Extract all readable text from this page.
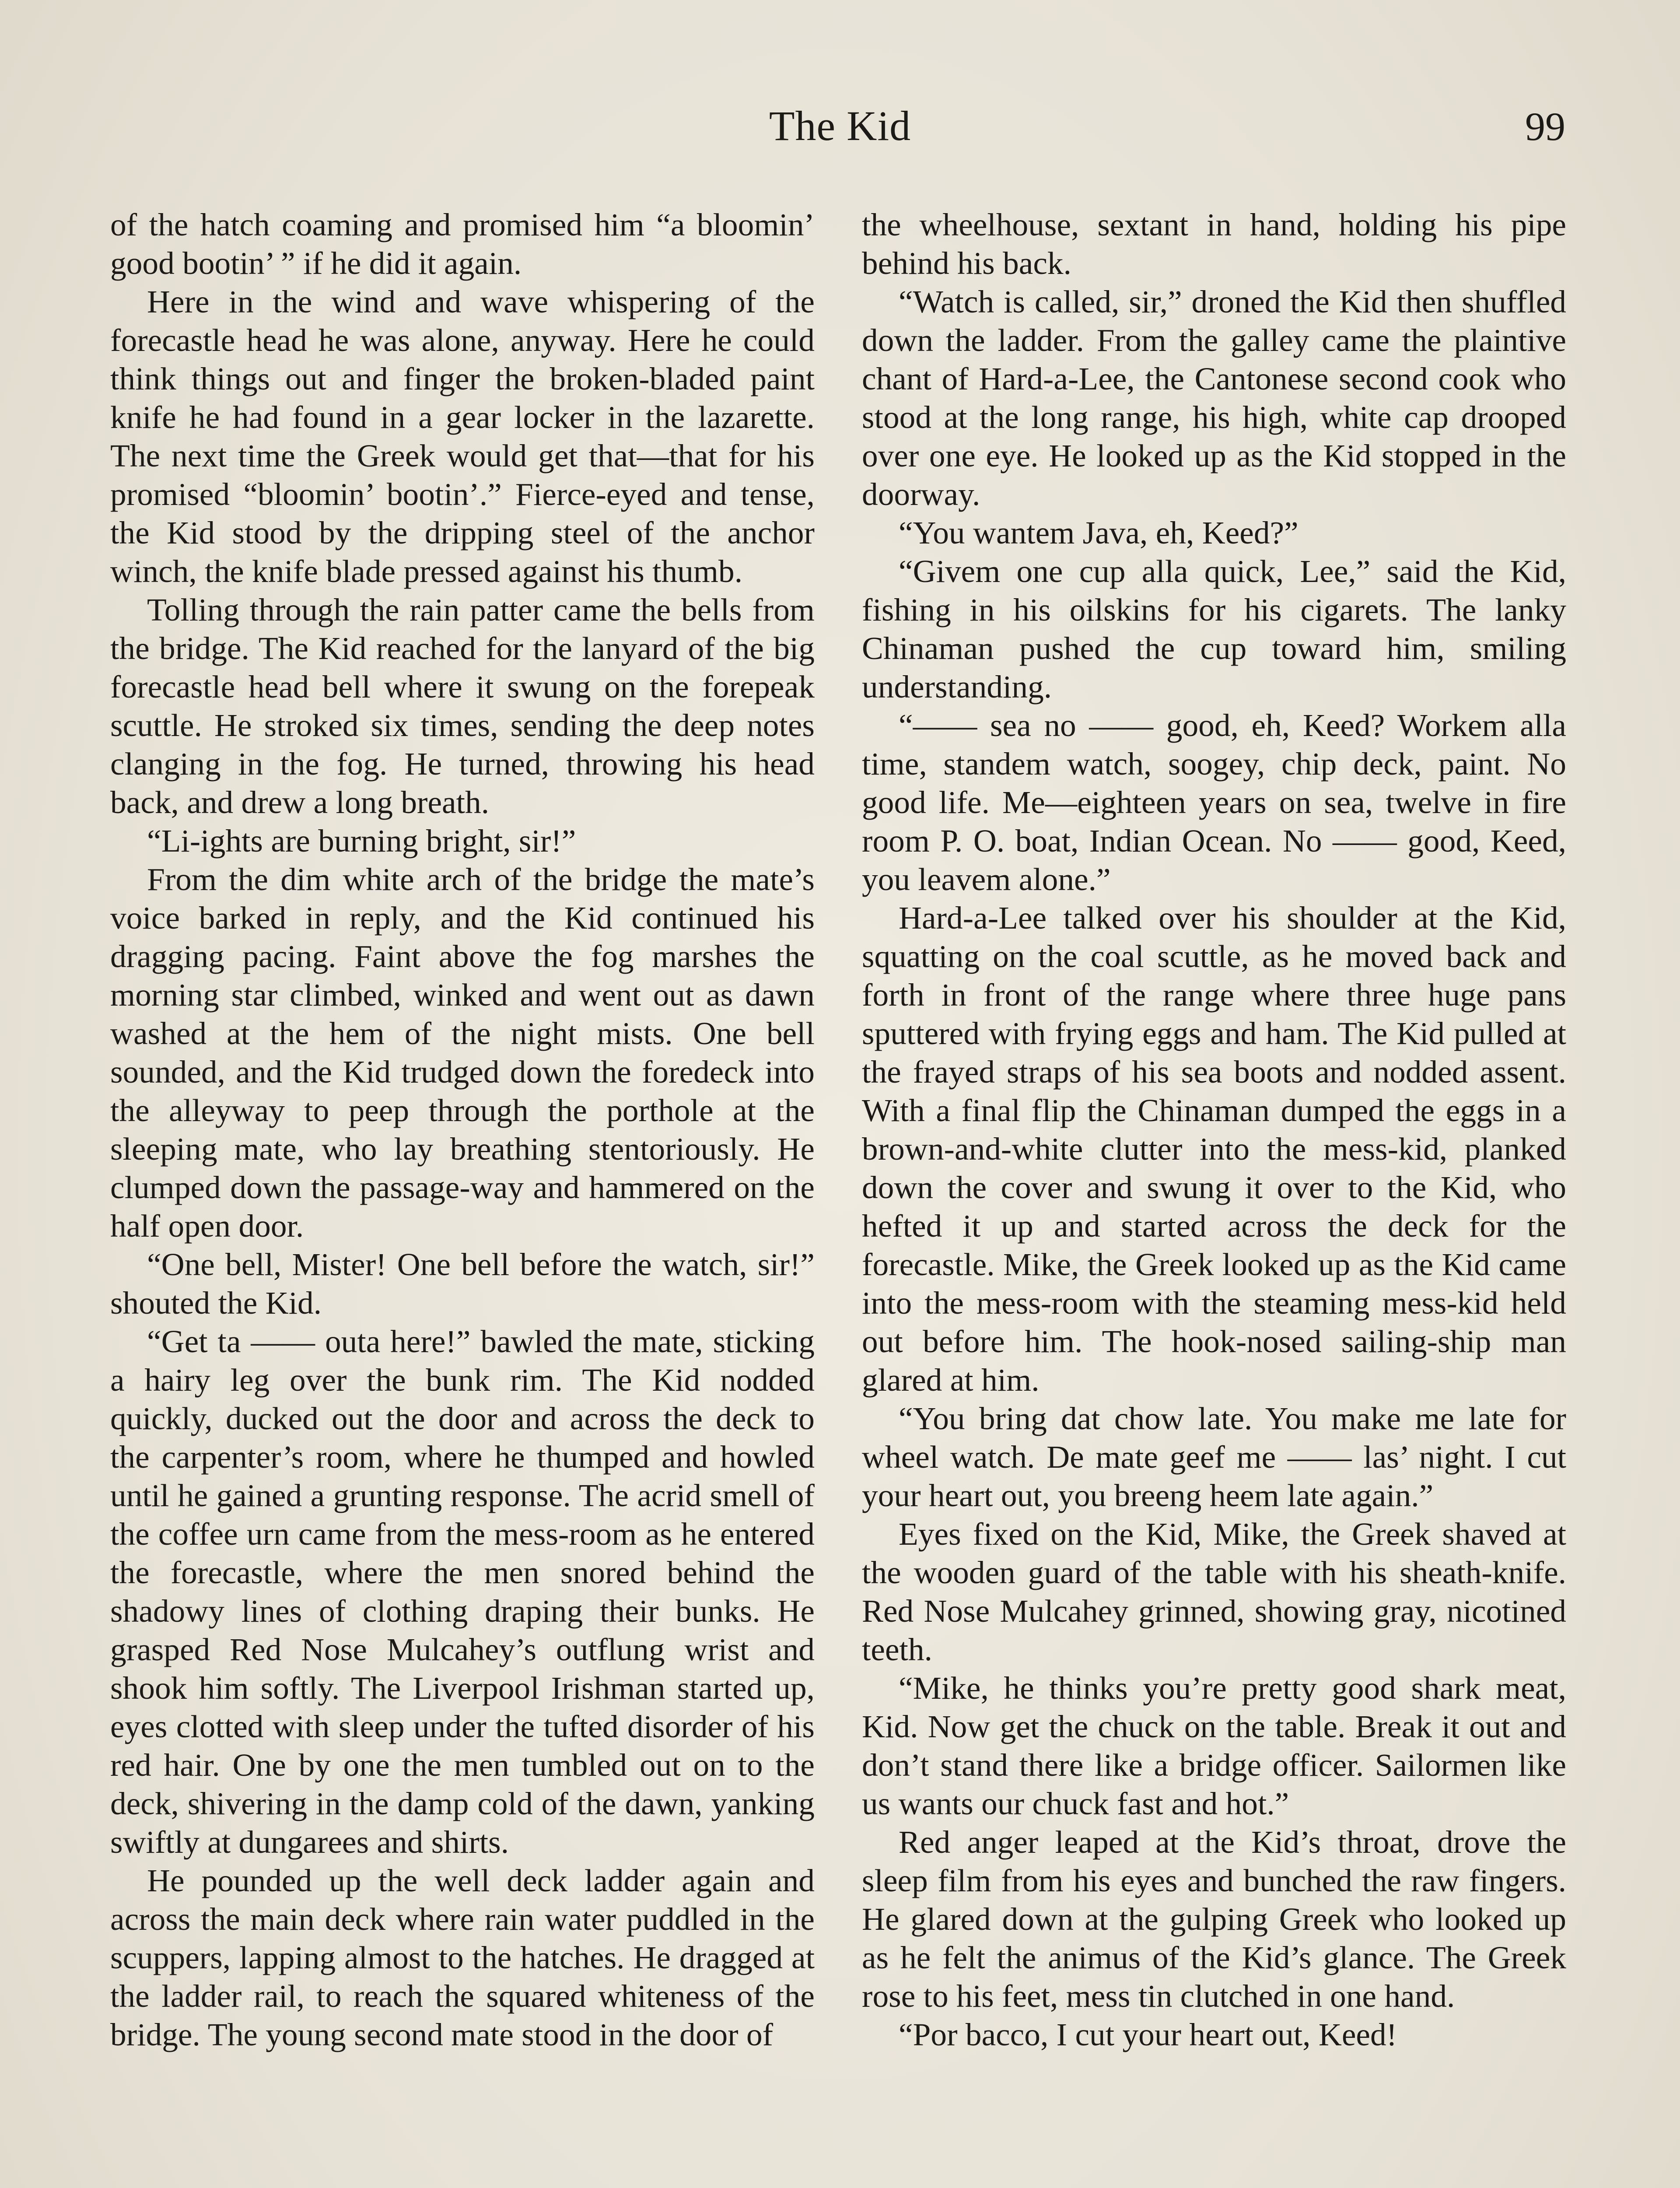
The Kid	99

of the hatch coaming and promised him “a bloomin’ good bootin’ ” if he did it again.

Here in the wind and wave whispering of the forecastle head he was alone, anyway. Here he could think things out and finger the broken-bladed paint knife he had found in a gear locker in the lazarette. The next time the Greek would get that—that for his promised “bloomin’ bootin’.” Fierce-eyed and tense, the Kid stood by the dripping steel of the anchor winch, the knife blade pressed against his thumb.

Tolling through the rain patter came the bells from the bridge. The Kid reached for the lanyard of the big forecastle head bell where it swung on the forepeak scuttle. He stroked six times, sending the deep notes clanging in the fog. He turned, throwing his head back, and drew a long breath.

“Li-ights are burning bright, sir!”

From the dim white arch of the bridge the mate’s voice barked in reply, and the Kid continued his dragging pacing. Faint above the fog marshes the morning star climbed, winked and went out as dawn washed at the hem of the night mists. One bell sounded, and the Kid trudged down the foredeck into the alleyway to peep through the porthole at the sleeping mate, who lay breathing stentoriously. He clumped down the passage-way and hammered on the half open door.

“One bell, Mister! One bell before the watch, sir!” shouted the Kid.

“Get ta —— outa here!” bawled the mate, sticking a hairy leg over the bunk rim. The Kid nodded quickly, ducked out the door and across the deck to the carpenter’s room, where he thumped and howled until he gained a grunting response. The acrid smell of the coffee urn came from the mess-room as he entered the forecastle, where the men snored behind the shadowy lines of clothing draping their bunks. He grasped Red Nose Mulcahey’s outflung wrist and shook him softly. The Liverpool Irishman started up, eyes clotted with sleep under the tufted disorder of his red hair. One by one the men tumbled out on to the deck, shivering in the damp cold of the dawn, yanking swiftly at dungarees and shirts.

He pounded up the well deck ladder again and across the main deck where rain water puddled in the scuppers, lapping almost to the hatches. He dragged at the ladder rail, to reach the squared whiteness of the bridge. The young second mate stood in the door of

the wheelhouse, sextant in hand, holding his pipe behind his back.

“Watch is called, sir,” droned the Kid then shuffled down the ladder. From the galley came the plaintive chant of Hard-a-Lee, the Cantonese second cook who stood at the long range, his high, white cap drooped over one eye. He looked up as the Kid stopped in the doorway.

“You wantem Java, eh, Keed?”

“Givem one cup alla quick, Lee,” said the Kid, fishing in his oilskins for his cigarets. The lanky Chinaman pushed the cup toward him, smiling understanding.

“—— sea no —— good, eh, Keed? Workem alla time, standem watch, soogey, chip deck, paint. No good life. Me—eighteen years on sea, twelve in fire room P. O. boat, Indian Ocean. No —— good, Keed, you leavem alone.”

Hard-a-Lee talked over his shoulder at the Kid, squatting on the coal scuttle, as he moved back and forth in front of the range where three huge pans sputtered with frying eggs and ham. The Kid pulled at the frayed straps of his sea boots and nodded assent. With a final flip the Chinaman dumped the eggs in a brown-and-white clutter into the mess-kid, planked down the cover and swung it over to the Kid, who hefted it up and started across the deck for the forecastle. Mike, the Greek looked up as the Kid came into the mess-room with the steaming mess-kid held out before him. The hook-nosed sailing-ship man glared at him.

“You bring dat chow late. You make me late for wheel watch. De mate geef me —— las’ night. I cut your heart out, you breeng heem late again.”

Eyes fixed on the Kid, Mike, the Greek shaved at the wooden guard of the table with his sheath-knife. Red Nose Mulcahey grinned, showing gray, nicotined teeth.

“Mike, he thinks you’re pretty good shark meat, Kid. Now get the chuck on the table. Break it out and don’t stand there like a bridge officer. Sailormen like us wants our chuck fast and hot.”

Red anger leaped at the Kid’s throat, drove the sleep film from his eyes and bunched the raw fingers. He glared down at the gulping Greek who looked up as he felt the animus of the Kid’s glance. The Greek rose to his feet, mess tin clutched in one hand.

“Por bacco, I cut your heart out, Keed!
